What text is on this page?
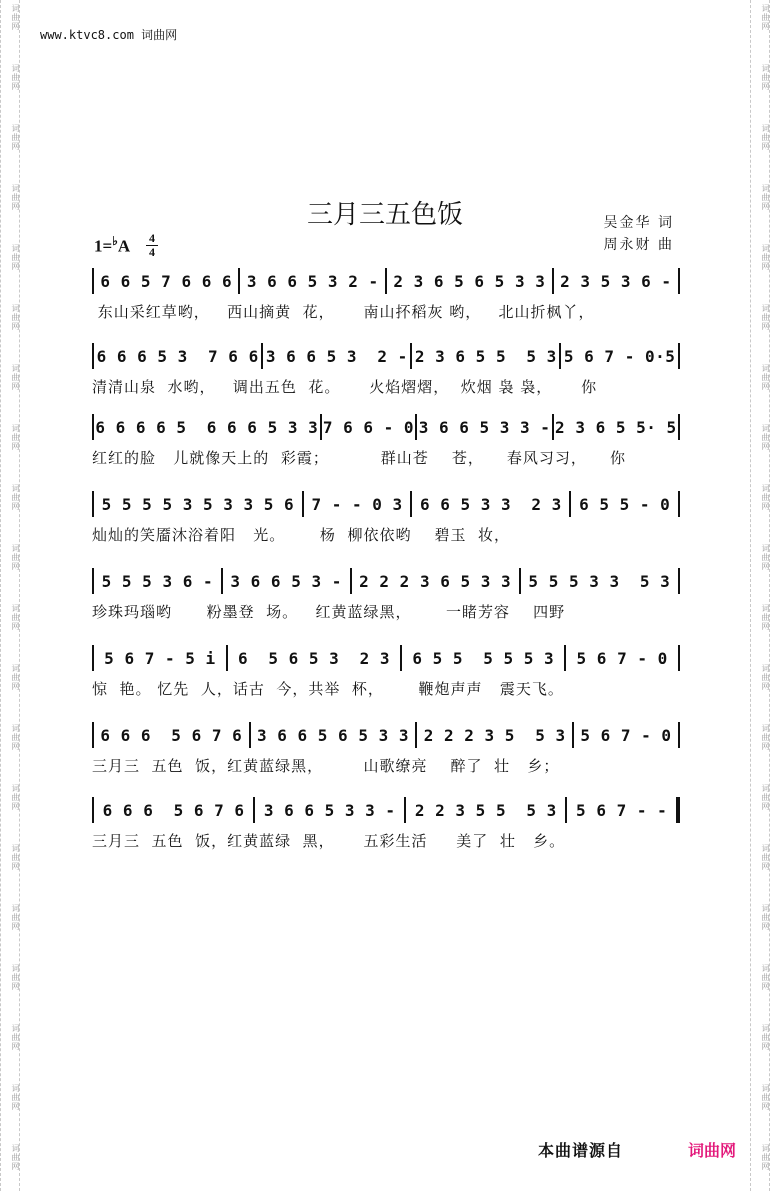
词曲网
词曲网
词曲网
词曲网
词曲网
词曲网
词曲网
词曲网
词曲网
词曲网
词曲网
词曲网
词曲网
词曲网
词曲网
词曲网
词曲网
词曲网
词曲网
词曲网
词曲网
词曲网
词曲网
词曲网
词曲网
词曲网
词曲网
词曲网
词曲网
词曲网
词曲网
词曲网
词曲网
词曲网
词曲网
词曲网
词曲网
词曲网
词曲网
词曲网
www.ktvc8.com 词曲网
三月三五色饭	吴金华 词
周永财 曲
1=♭A 4
4
6 6 5 7 6 6 6 3 6 6 5 3 2 - 2 3 6 5 6 5 3 3 2 3 5 3 6 -
东山采红草哟，   西山摘黄  花，     南山抔稻灰 哟，   北山折枫丫，
6 6 6 5 3  7 6 6 3 6 6 5 3  2 - 2 3 6 5 5  5 3 5 6 7 - 0·5
清清山泉  水哟，   调出五色  花。     火焰熠熠，  炊烟 袅 袅，     你
6 6 6 6 5  6 6 6 5 3 3 7 6 6 - 0 3 6 6 5 3 3 - 2 3 6 5 5· 5
红红的脸   儿就像天上的  彩霞；         群山苍    苍，    春风习习，    你
5 5 5 5 3 5 3 3 5 6 7 - - 0 3 6 6 5 3 3  2 3 6 5 5 - 0
灿灿的笑靥沐浴着阳   光。      杨  柳依依哟    碧玉  妆，
5 5 5 3 6 - 3 6 6 5 3 - 2 2 2 3 6 5 3 3 5 5 5 3 3  5 3
珍珠玛瑙哟      粉墨登  场。   红黄蓝绿黑，      一睹芳容    四野
5 6 7 - 5 i 6  5 6 5 3  2 3 6 5 5  5 5 5 3 5 6 7 - 0
惊  艳。 忆先  人，话古  今，共举  杯，      鞭炮声声   震天飞。
6 6 6  5 6 7 6 3 6 6 5 6 5 3 3 2 2 2 3 5  5 3 5 6 7 - 0
三月三  五色  饭，红黄蓝绿黑，       山歌缭亮    醉了  壮   乡；
6 6 6  5 6 7 6 3 6 6 5 3 3 - 2 2 3 5 5  5 3 5 6 7 - -
三月三  五色  饭，红黄蓝绿  黑，     五彩生活     美了  壮   乡。
本曲谱源自	词曲网
